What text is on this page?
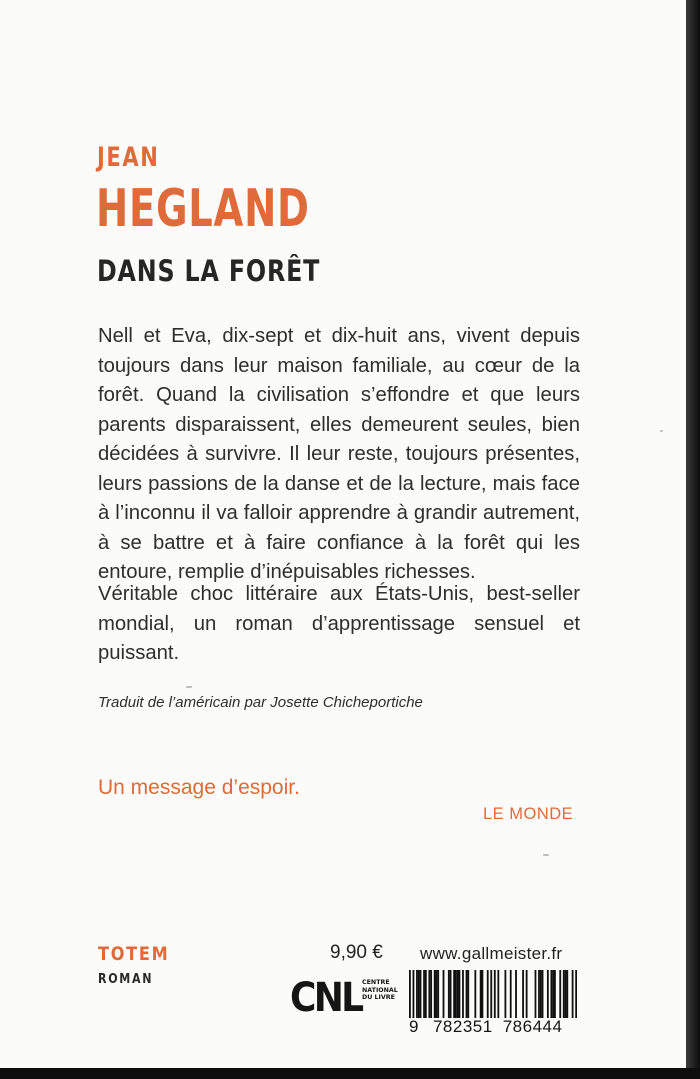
JEAN
HEGLAND
DANS LA FORÊT

Nell et Eva, dix-sept et dix-huit ans, vivent depuis toujours dans leur maison familiale, au cœur de la forêt. Quand la civilisation s’effondre et que leurs parents disparaissent, elles demeurent seules, bien décidées à survivre. Il leur reste, toujours présentes, leurs passions de la danse et de la lecture, mais face à l’inconnu il va falloir apprendre à grandir autrement, à se battre et à faire confiance à la forêt qui les entoure, remplie d’inépuisables richesses.

Véritable choc littéraire aux États-Unis, best-seller mondial, un roman d’apprentissage sensuel et puissant.

Traduit de l’américain par Josette Chicheportiche
Un message d’espoir.
LE MONDE
TOTEM
ROMAN
9,90 € www.gallmeister.fr
CNL CENTRE
NATIONAL
DU LIVRE
9 782351 786444
